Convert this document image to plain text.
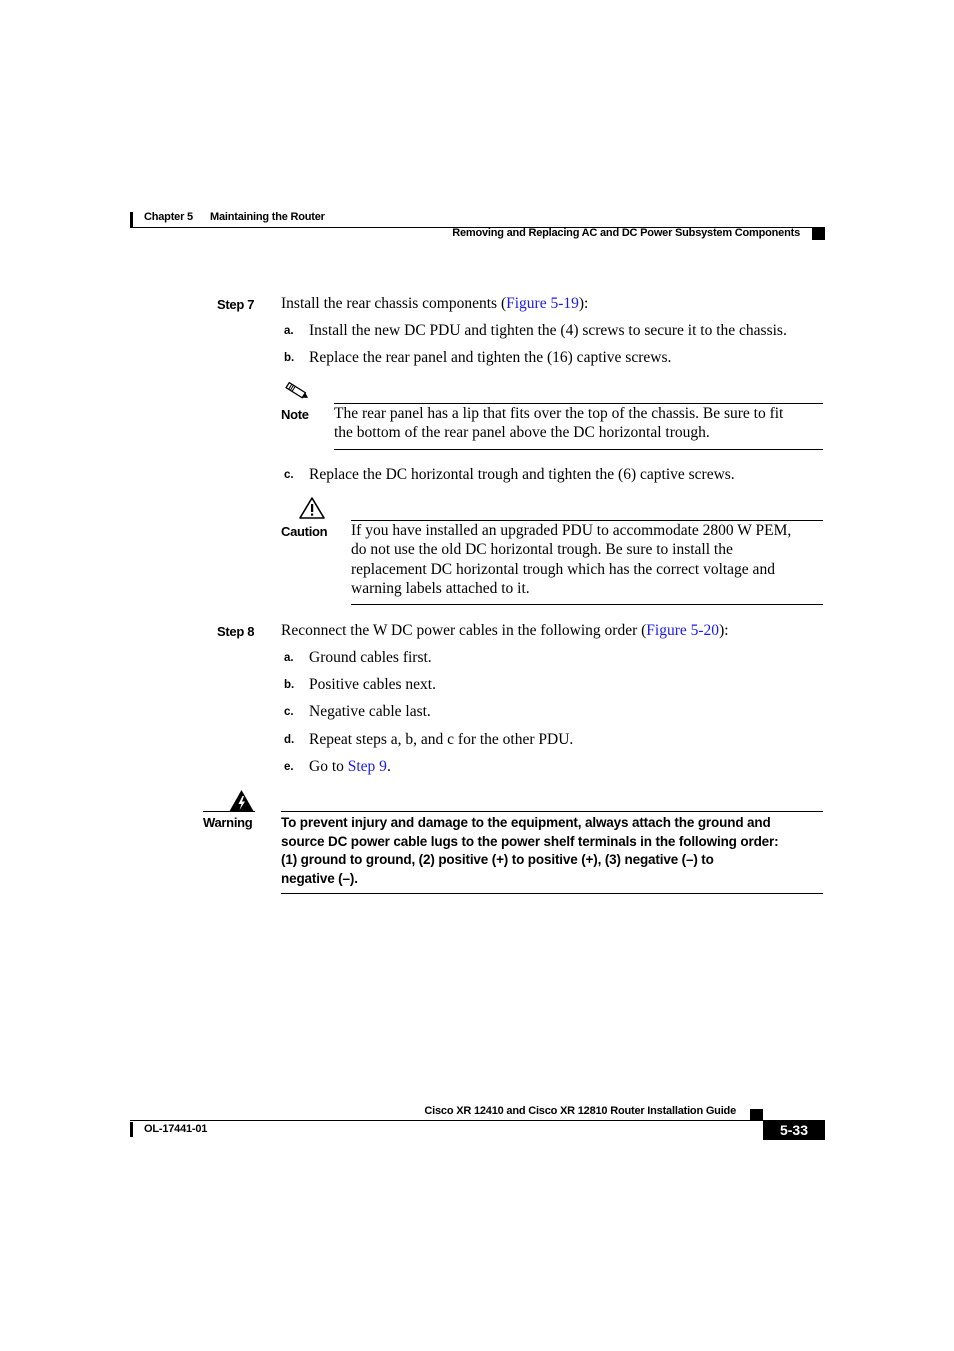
Chapter 5 Maintaining the Router
Removing and Replacing AC and DC Power Subsystem Components
Step 7 Install the rear chassis components (Figure 5-19):
a. Install the new DC PDU and tighten the (4) screws to secure it to the chassis.
b. Replace the rear panel and tighten the (16) captive screws.
Note The rear panel has a lip that fits over the top of the chassis. Be sure to fit
the bottom of the rear panel above the DC horizontal trough.
c. Replace the DC horizontal trough and tighten the (6) captive screws.
Caution If you have installed an upgraded PDU to accommodate 2800 W PEM,
do not use the old DC horizontal trough. Be sure to install the
replacement DC horizontal trough which has the correct voltage and
warning labels attached to it.
Step 8 Reconnect the W DC power cables in the following order (Figure 5-20):
a. Ground cables first.
b. Positive cables next.
c. Negative cable last.
d. Repeat steps a, b, and c for the other PDU.
e. Go to Step 9.
Warning To prevent injury and damage to the equipment, always attach the ground and
source DC power cable lugs to the power shelf terminals in the following order:
(1) ground to ground, (2) positive (+) to positive (+), (3) negative (–) to
negative (–).
Cisco XR 12410 and Cisco XR 12810 Router Installation Guide
OL-17441-01	5-33
